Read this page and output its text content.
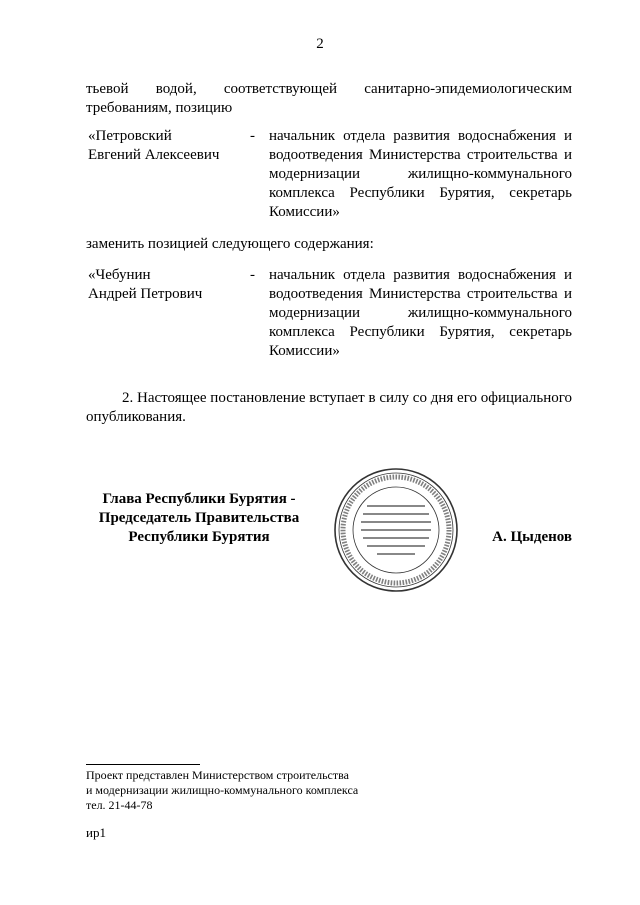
2
тьевой водой, соответствующей санитарно-эпидемиологическим требованиям, позицию
«Петровский
Евгений Алексеевич
- начальник отдела развития водоснабжения и водоотведения Министерства строительства и модернизации жилищно-коммунального комплекса Республики Бурятия, секретарь Комиссии»
заменить позицией следующего содержания:
«Чебунин
Андрей Петрович
- начальник отдела развития водоснабжения и водоотведения Министерства строительства и модернизации жилищно-коммунального комплекса Республики Бурятия, секретарь Комиссии»
2. Настоящее постановление вступает в силу со дня его официального опубликования.
Глава Республики Бурятия -
Председатель Правительства
Республики Бурятия	А. Цыденов
Проект представлен Министерством строительства
и модернизации жилищно-коммунального комплекса
тел. 21-44-78
ир1
